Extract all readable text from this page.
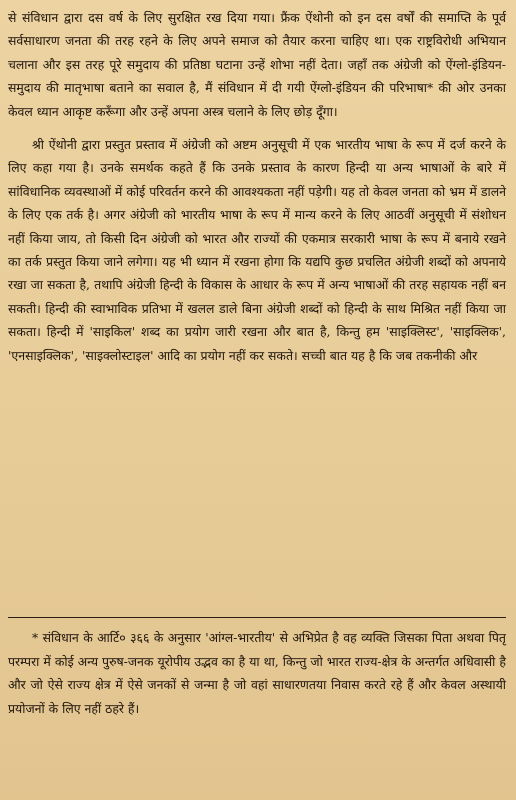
से संविधान द्वारा दस वर्ष के लिए सुरक्षित रख दिया गया। फ्रैंक ऐंथोनी को इन दस वर्षों की समाप्ति के पूर्व सर्वसाधारण जनता की तरह रहने के लिए अपने समाज को तैयार करना चाहिए था। एक राष्ट्रविरोधी अभियान चलाना और इस तरह पूरे समुदाय की प्रतिष्ठा घटाना उन्हें शोभा नहीं देता। जहाँ तक अंग्रेजी को ऐंग्लो-इंडियन-समुदाय की मातृभाषा बताने का सवाल है, मैं संविधान में दी गयी ऐंग्लो-इंडियन की परिभाषा* की ओर उनका केवल ध्यान आकृष्ट करूँगा और उन्हें अपना अस्त्र चलाने के लिए छोड़ दूँगा।

श्री ऐंथोनी द्वारा प्रस्तुत प्रस्ताव में अंग्रेजी को अष्टम अनुसूची में एक भारतीय भाषा के रूप में दर्ज करने के लिए कहा गया है। उनके समर्थक कहते हैं कि उनके प्रस्ताव के कारण हिन्दी या अन्य भाषाओं के बारे में सांविधानिक व्यवस्थाओं में कोई परिवर्तन करने की आवश्यकता नहीं पड़ेगी। यह तो केवल जनता को भ्रम में डालने के लिए एक तर्क है। अगर अंग्रेजी को भारतीय भाषा के रूप में मान्य करने के लिए आठवीं अनुसूची में संशोधन नहीं किया जाय, तो किसी दिन अंग्रेजी को भारत और राज्यों की एकमात्र सरकारी भाषा के रूप में बनाये रखने का तर्क प्रस्तुत किया जाने लगेगा। यह भी ध्यान में रखना होगा कि यद्यपि कुछ प्रचलित अंग्रेजी शब्दों को अपनाये रखा जा सकता है, तथापि अंग्रेजी हिन्दी के विकास के आधार के रूप में अन्य भाषाओं की तरह सहायक नहीं बन सकती। हिन्दी की स्वाभाविक प्रतिभा में खलल डाले बिना अंग्रेजी शब्दों को हिन्दी के साथ मिश्रित नहीं किया जा सकता। हिन्दी में 'साइकिल' शब्द का प्रयोग जारी रखना और बात है, किन्तु हम 'साइक्लिस्ट', 'साइक्लिक', 'एनसाइक्लिक', 'साइक्लोस्टाइल' आदि का प्रयोग नहीं कर सकते। सच्ची बात यह है कि जब तकनीकी और

* संविधान के आर्टि० ३६६ के अनुसार 'आंग्ल-भारतीय' से अभिप्रेत है वह व्यक्ति जिसका पिता अथवा पितृ परम्परा में कोई अन्य पुरुष-जनक यूरोपीय उद्भव का है या था, किन्तु जो भारत राज्य-क्षेत्र के अन्तर्गत अधिवासी है और जो ऐसे राज्य क्षेत्र में ऐसे जनकों से जन्मा है जो वहां साधारणतया निवास करते रहे हैं और केवल अस्थायी प्रयोजनों के लिए नहीं ठहरे हैं।
